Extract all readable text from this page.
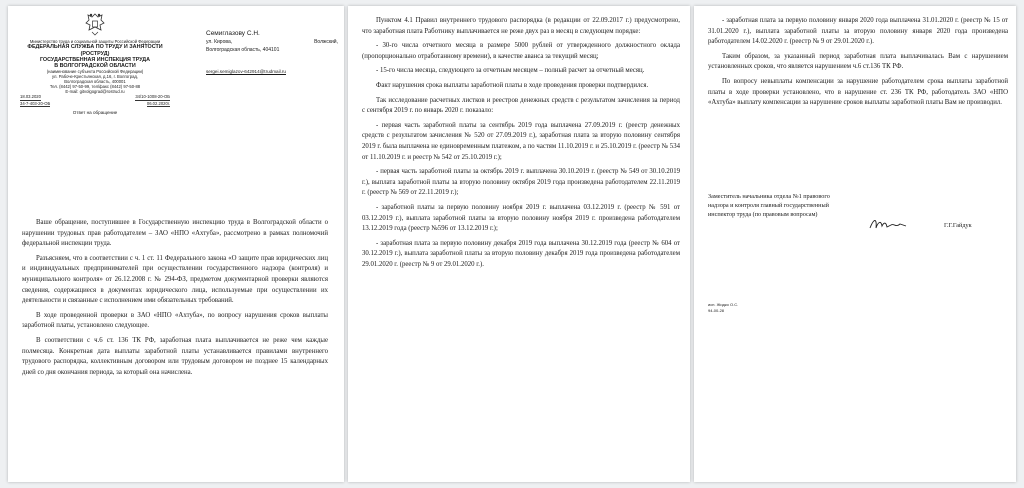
Министерство труда и социальной защиты Российской Федерации
ФЕДЕРАЛЬНАЯ СЛУЖБА ПО ТРУДУ И ЗАНЯТОСТИ
(РОСТРУД)
ГОСУДАРСТВЕННАЯ ИНСПЕКЦИЯ ТРУДА
В ВОЛГОГРАДСКОЙ ОБЛАСТИ
(наименование субъекта Российской Федерации)
ул. Рабоче-Крестьянская, д.16, г. Волгоград,
Волгоградская область, 400001
Тел. (8442) 97-50-99, тел/факс (8442) 97-50-88
E-mail: gitvolgograd@rostrud.ru
18.03.2020	34/10-1008-20-ОБ
34-7-403-20-ОБ	06.02.2020г.
Ответ на обращение
Семиглазову С.Н.
ул. Кирова,	Волжский,
Волгоградская область, 404101
sergei.semiglazov-642914@trudmail.ru

Ваше обращение, поступившее в Государственную инспекцию труда в Волгоградской области о нарушении трудовых прав работодателем – ЗАО «НПО «Ахтуба», рассмотрено в рамках полномочий федеральной инспекции труда.

Разъясняем, что в соответствии с ч. 1 ст. 11 Федерального закона «О защите прав юридических лиц и индивидуальных предпринимателей при осуществлении государственного надзора (контроля) и муниципального контроля» от 26.12.2008 г. № 294-ФЗ, предметом документарной проверки являются сведения, содержащиеся в документах юридического лица, используемые при осуществлении их деятельности и связанные с исполнением ими обязательных требований.

В ходе проведенной проверки в ЗАО «НПО «Ахтуба», по вопросу нарушения сроков выплаты заработной платы, установлено следующее.

В соответствии с ч.6 ст. 136 ТК РФ, заработная плата выплачивается не реже чем каждые полмесяца. Конкретная дата выплаты заработной платы устанавливается правилами внутреннего трудового распорядка, коллективным договором или трудовым договором не позднее 15 календарных дней со дня окончания периода, за который она начислена.

Пунктом 4.1 Правил внутреннего трудового распорядка (в редакции от 22.09.2017 г.) предусмотрено, что заработная плата Работнику выплачивается не реже двух раз в месяц в следующем порядке:

- 30-го числа отчетного месяца в размере 5000 рублей от утвержденного должностного оклада (пропорционально отработанному времени), в качестве аванса за текущий месяц;

- 15-го числа месяца, следующего за отчетным месяцем – полный расчет за отчетный месяц.

Факт нарушения срока выплаты заработной платы в ходе проведения проверки подтвердился.

Так исследование расчетных листков и реестров денежных средств с результатом зачисления за период с сентября 2019 г. по январь 2020 г. показало:

- первая часть заработной платы за сентябрь 2019 года выплачена 27.09.2019 г. (реестр денежных средств с результатом зачисления № 520 от 27.09.2019 г.), заработная плата за вторую половину сентября 2019 г. была выплачена не единовременным платежом, а по частям 11.10.2019 г. и 25.10.2019 г. (реестр № 534 от 11.10.2019 г. и реестр № 542 от 25.10.2019 г.);

- первая часть заработной платы за октябрь 2019 г. выплачена 30.10.2019 г. (реестр № 549 от 30.10.2019 г.), выплата заработной платы за вторую половину октября 2019 года произведена работодателем 22.11.2019 г. (реестр № 569 от 22.11.2019 г.);

- заработной платы за первую половину ноября 2019 г. выплачена 03.12.2019 г. (реестр № 591 от 03.12.2019 г.), выплата заработной платы за вторую половину ноября 2019 г. произведена работодателем 13.12.2019 года (реестр №596 от 13.12.2019 г.);

- заработная плата за первую половину декабря 2019 года выплачена 30.12.2019 года (реестр № 604 от 30.12.2019 г.), выплата заработной платы за вторую половину декабря 2019 года произведена работодателем 29.01.2020 г. (реестр № 9 от 29.01.2020 г.).

- заработная плата за первую половину января 2020 года выплачена 31.01.2020 г. (реестр № 15 от 31.01.2020 г.), выплата заработной платы за вторую половину января 2020 года произведена работодателем 14.02.2020 г. (реестр № 9 от 29.01.2020 г.).

Таким образом, за указанный период заработная плата выплачивалась Вам с нарушением установленных сроков, что является нарушением ч.6 ст.136 ТК РФ.

По вопросу невыплаты компенсации за нарушение работодателем срока выплаты заработной платы в ходе проверки установлено, что в нарушение ст. 236 ТК РФ, работодатель ЗАО «НПО «Ахтуба» выплату компенсации за нарушение сроков выплаты заработной платы Вам не производил.

Заместитель начальника отдела №1 правового надзора и контроля главный государственный инспектор труда (по правовым вопросам)
Г.Г.Гайдук
исп. Жидко О.С.
94-00-28
